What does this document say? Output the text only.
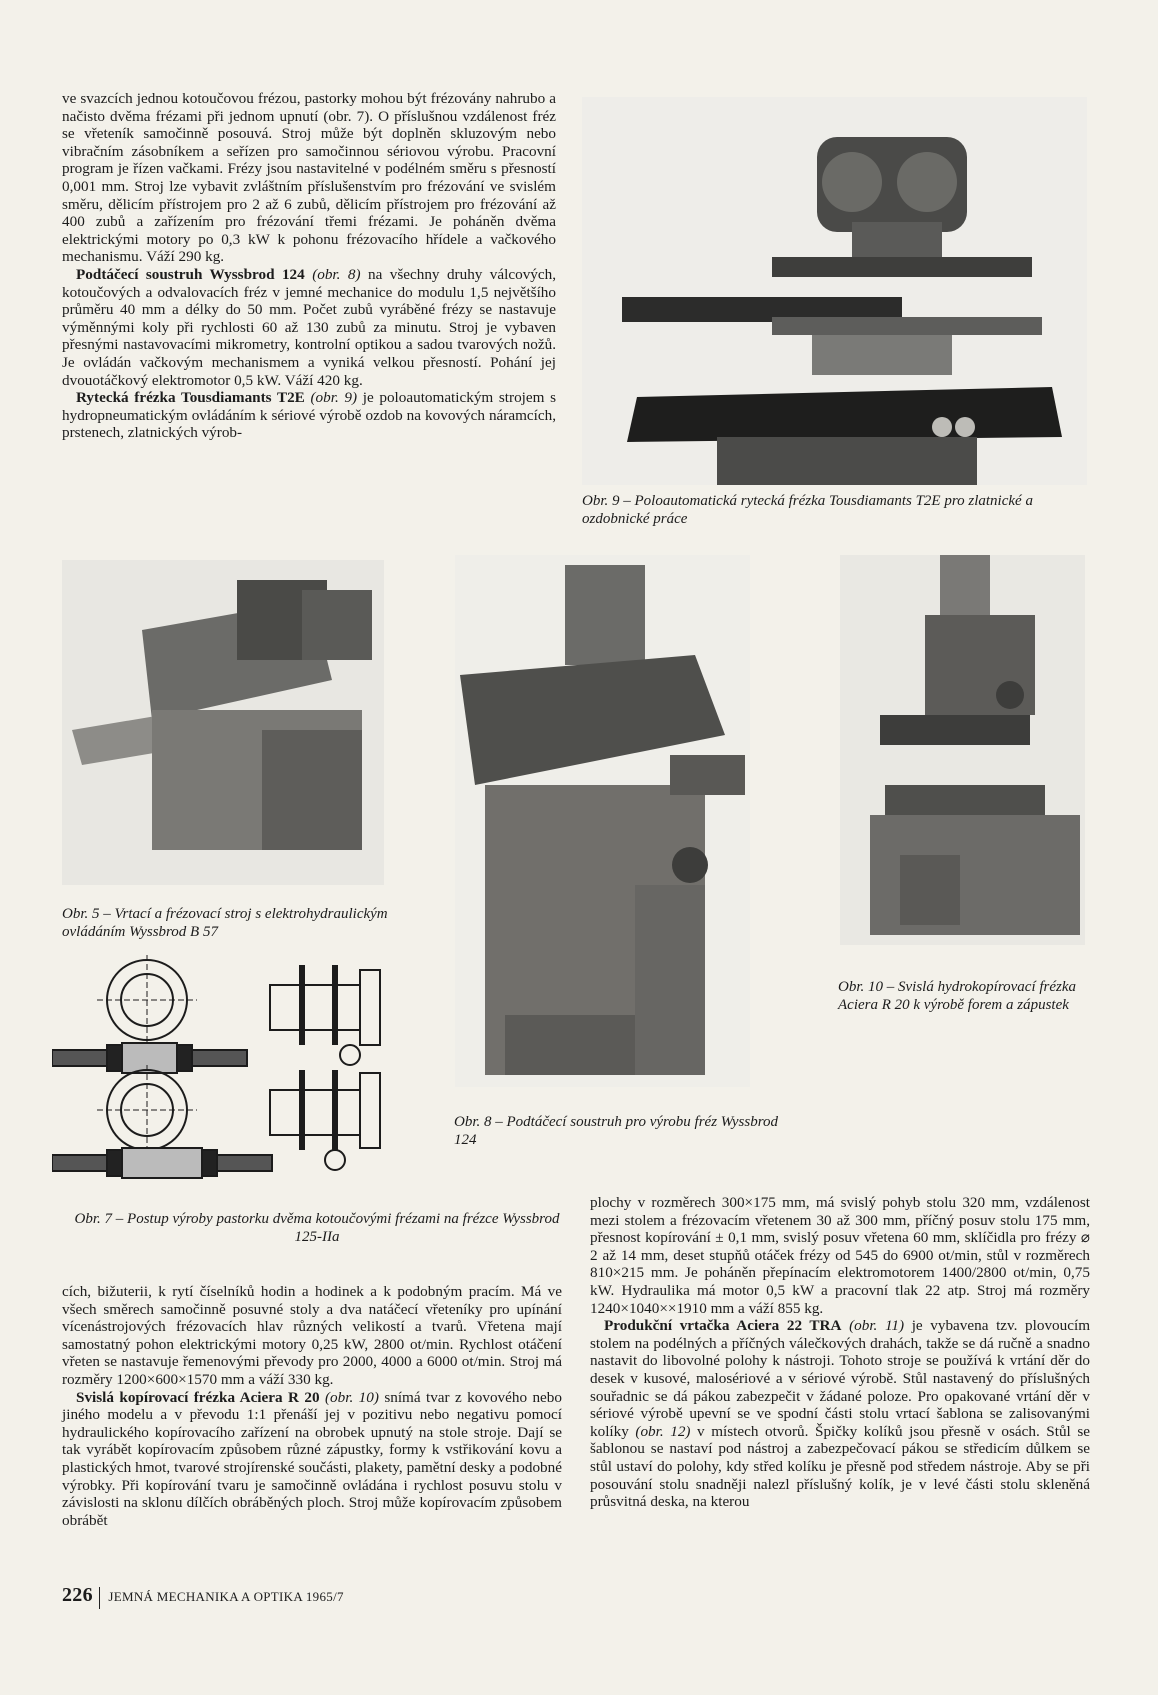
ve svazcích jednou kotoučovou frézou, pastorky mohou být frézovány nahrubo a načisto dvěma frézami při jednom upnutí (obr. 7). O příslušnou vzdálenost fréz se vřeteník samočinně posouvá. Stroj může být doplněn skluzovým nebo vibračním zásobníkem a seřízen pro samočinnou sériovou výrobu. Pracovní program je řízen vačkami. Frézy jsou nastavitelné v podélném směru s přesností 0,001 mm. Stroj lze vybavit zvláštním příslušenstvím pro frézování ve svislém směru, dělicím přístrojem pro 2 až 6 zubů, dělicím přístrojem pro frézování až 400 zubů a zařízením pro frézování třemi frézami. Je poháněn dvěma elektrickými motory po 0,3 kW k pohonu frézovacího hřídele a vačkového mechanismu. Váží 290 kg.

Podtáčecí soustruh Wyssbrod 124 (obr. 8) na všechny druhy válcových, kotoučových a odvalovacích fréz v jemné mechanice do modulu 1,5 největšího průměru 40 mm a délky do 50 mm. Počet zubů vyráběné frézy se nastavuje výměnnými koly při rychlosti 60 až 130 zubů za minutu. Stroj je vybaven přesnými nastavovacími mikrometry, kontrolní optikou a sadou tvarových nožů. Je ovládán vačkovým mechanismem a vyniká velkou přesností. Pohání jej dvouotáčkový elektromotor 0,5 kW. Váží 420 kg.

Rytecká frézka Tousdiamants T2E (obr. 9) je poloautomatickým strojem s hydropneumatickým ovládáním k sériové výrobě ozdob na kovových náramcích, prstenech, zlatnických výrob-

Obr. 9 – Poloautomatická rytecká frézka Tousdiamants T2E pro zlatnické a ozdobnické práce
Obr. 5 – Vrtací a frézovací stroj s elektrohydraulickým ovládáním Wyssbrod B 57
Obr. 8 – Podtáčecí soustruh pro výrobu fréz Wyssbrod 124
Obr. 10 – Svislá hydrokopírovací frézka Aciera R 20 k výrobě forem a zápustek
Obr. 7 – Postup výroby pastorku dvěma kotoučovými frézami na frézce Wyssbrod 125-IIa

cích, bižuterii, k rytí číselníků hodin a hodinek a k podobným pracím. Má ve všech směrech samočinně posuvné stoly a dva natáčecí vřeteníky pro upínání vícenástrojových frézovacích hlav různých velikostí a tvarů. Vřetena mají samostatný pohon elektrickými motory 0,25 kW, 2800 ot/min. Rychlost otáčení vřeten se nastavuje řemenovými převody pro 2000, 4000 a 6000 ot/min. Stroj má rozměry 1200×600×1570 mm a váží 330 kg.

Svislá kopírovací frézka Aciera R 20 (obr. 10) snímá tvar z kovového nebo jiného modelu a v převodu 1:1 přenáší jej v pozitivu nebo negativu pomocí hydraulického kopírovacího zařízení na obrobek upnutý na stole stroje. Dají se tak vyrábět kopírovacím způsobem různé zápustky, formy k vstřikování kovu a plastických hmot, tvarové strojírenské součásti, plakety, pamětní desky a podobné výrobky. Při kopírování tvaru je samočinně ovládána i rychlost posuvu stolu v závislosti na sklonu dílčích obráběných ploch. Stroj může kopírovacím způsobem obrábět

plochy v rozměrech 300×175 mm, má svislý pohyb stolu 320 mm, vzdálenost mezi stolem a frézovacím vřetenem 30 až 300 mm, příčný posuv stolu 175 mm, přesnost kopírování ± 0,1 mm, svislý posuv vřetena 60 mm, sklíčidla pro frézy ⌀ 2 až 14 mm, deset stupňů otáček frézy od 545 do 6900 ot/min, stůl v rozměrech 810×215 mm. Je poháněn přepínacím elektromotorem 1400/2800 ot/min, 0,75 kW. Hydraulika má motor 0,5 kW a pracovní tlak 22 atp. Stroj má rozměry 1240×1040××1910 mm a váží 855 kg.

Produkční vrtačka Aciera 22 TRA (obr. 11) je vybavena tzv. plovoucím stolem na podélných a příčných válečkových drahách, takže se dá ručně a snadno nastavit do libovolné polohy k nástroji. Tohoto stroje se používá k vrtání děr do desek v kusové, malosériové a v sériové výrobě. Stůl nastavený do příslušných souřadnic se dá pákou zabezpečit v žádané poloze. Pro opakované vrtání děr v sériové výrobě upevní se ve spodní části stolu vrtací šablona se zalisovanými kolíky (obr. 12) v místech otvorů. Špičky kolíků jsou přesně v osách. Stůl se šablonou se nastaví pod nástroj a zabezpečovací pákou se středicím důlkem se stůl ustaví do polohy, kdy střed kolíku je přesně pod středem nástroje. Aby se při posouvání stolu snadněji nalezl příslušný kolík, je v levé části stolu skleněná průsvitná deska, na kterou

226 JEMNÁ MECHANIKA A OPTIKA 1965/7
